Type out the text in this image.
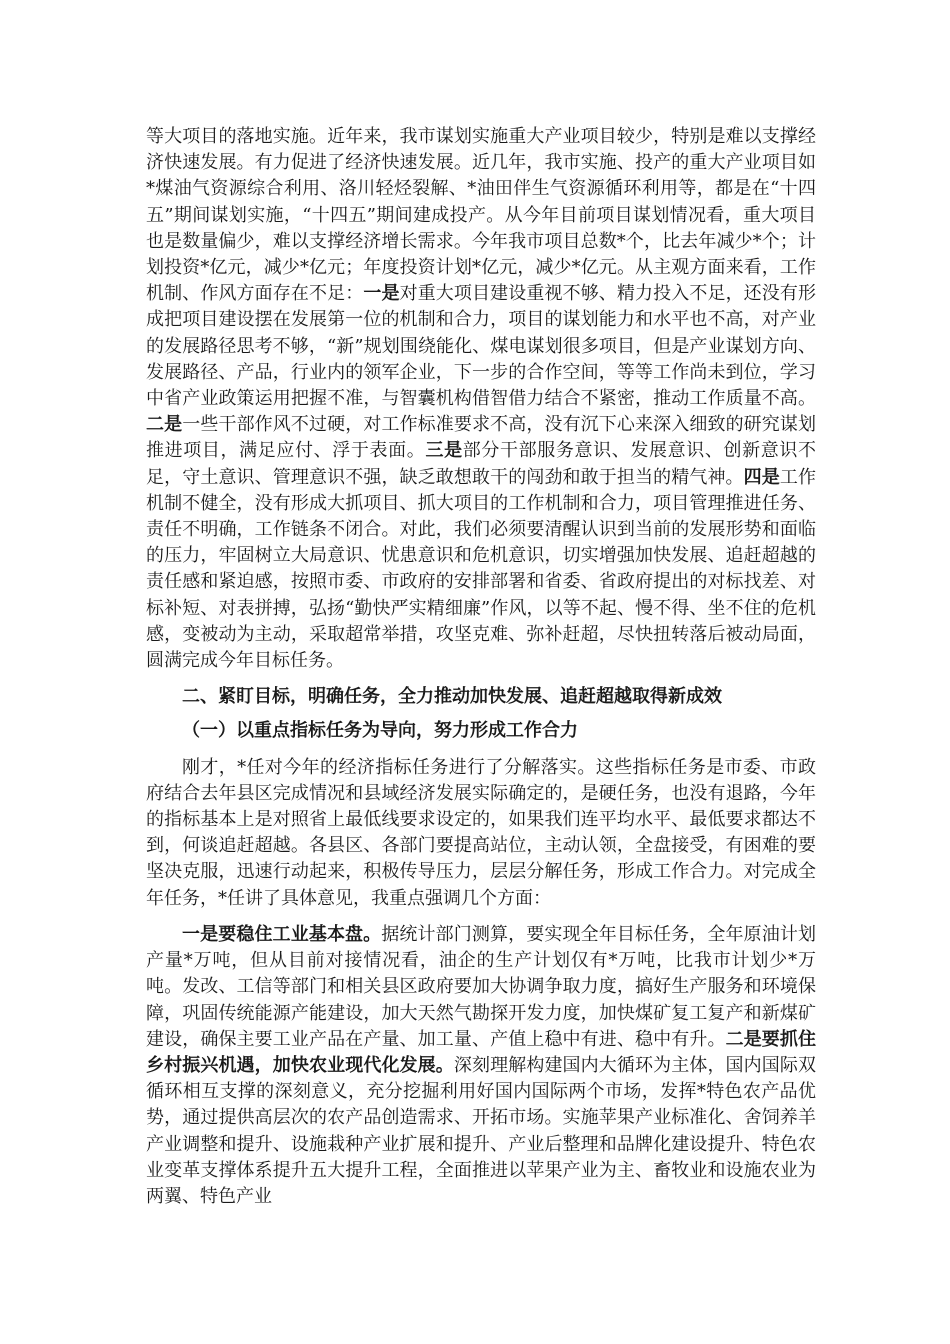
等大项目的落地实施。近年来，我市谋划实施重大产业项目较少，特别是难以支撑经济快速发展。有力促进了经济快速发展。近几年，我市实施、投产的重大产业项目如*煤油气资源综合利用、洛川轻烃裂解、*油田伴生气资源循环利用等，都是在“十四五”期间谋划实施，“十四五”期间建成投产。从今年目前项目谋划情况看，重大项目也是数量偏少，难以支撑经济增长需求。今年我市项目总数*个，比去年减少*个；计划投资*亿元，减少*亿元；年度投资计划*亿元，减少*亿元。从主观方面来看，工作机制、作风方面存在不足：一是对重大项目建设重视不够、精力投入不足，还没有形成把项目建设摆在发展第一位的机制和合力，项目的谋划能力和水平也不高，对产业的发展路径思考不够，“新”规划围绕能化、煤电谋划很多项目，但是产业谋划方向、发展路径、产品，行业内的领军企业，下一步的合作空间，等等工作尚未到位，学习中省产业政策运用把握不准，与智囊机构借智借力结合不紧密，推动工作质量不高。二是一些干部作风不过硬，对工作标准要求不高，没有沉下心来深入细致的研究谋划推进项目，满足应付、浮于表面。三是部分干部服务意识、发展意识、创新意识不足，守土意识、管理意识不强，缺乏敢想敢干的闯劲和敢于担当的精气神。四是工作机制不健全，没有形成大抓项目、抓大项目的工作机制和合力，项目管理推进任务、责任不明确，工作链条不闭合。对此，我们必须要清醒认识到当前的发展形势和面临的压力，牢固树立大局意识、忧患意识和危机意识，切实增强加快发展、追赶超越的责任感和紧迫感，按照市委、市政府的安排部署和省委、省政府提出的对标找差、对标补短、对表拼搏，弘扬“勤快严实精细廉”作风，以等不起、慢不得、坐不住的危机感，变被动为主动，采取超常举措，攻坚克难、弥补赶超，尽快扭转落后被动局面，圆满完成今年目标任务。

二、紧盯目标，明确任务，全力推动加快发展、追赶超越取得新成效

（一）以重点指标任务为导向，努力形成工作合力

刚才，*任对今年的经济指标任务进行了分解落实。这些指标任务是市委、市政府结合去年县区完成情况和县域经济发展实际确定的，是硬任务，也没有退路，今年的指标基本上是对照省上最低线要求设定的，如果我们连平均水平、最低要求都达不到，何谈追赶超越。各县区、各部门要提高站位，主动认领，全盘接受，有困难的要坚决克服，迅速行动起来，积极传导压力，层层分解任务，形成工作合力。对完成全年任务，*任讲了具体意见，我重点强调几个方面：

一是要稳住工业基本盘。据统计部门测算，要实现全年目标任务，全年原油计划产量*万吨，但从目前对接情况看，油企的生产计划仅有*万吨，比我市计划少*万吨。发改、工信等部门和相关县区政府要加大协调争取力度，搞好生产服务和环境保障，巩固传统能源产能建设，加大天然气勘探开发力度，加快煤矿复工复产和新煤矿建设，确保主要工业产品在产量、加工量、产值上稳中有进、稳中有升。二是要抓住乡村振兴机遇，加快农业现代化发展。深刻理解构建国内大循环为主体，国内国际双循环相互支撑的深刻意义，充分挖掘利用好国内国际两个市场，发挥*特色农产品优势，通过提供高层次的农产品创造需求、开拓市场。实施苹果产业标准化、舍饲养羊产业调整和提升、设施栽种产业扩展和提升、产业后整理和品牌化建设提升、特色农业变革支撑体系提升五大提升工程，全面推进以苹果产业为主、畜牧业和设施农业为两翼、特色产业
